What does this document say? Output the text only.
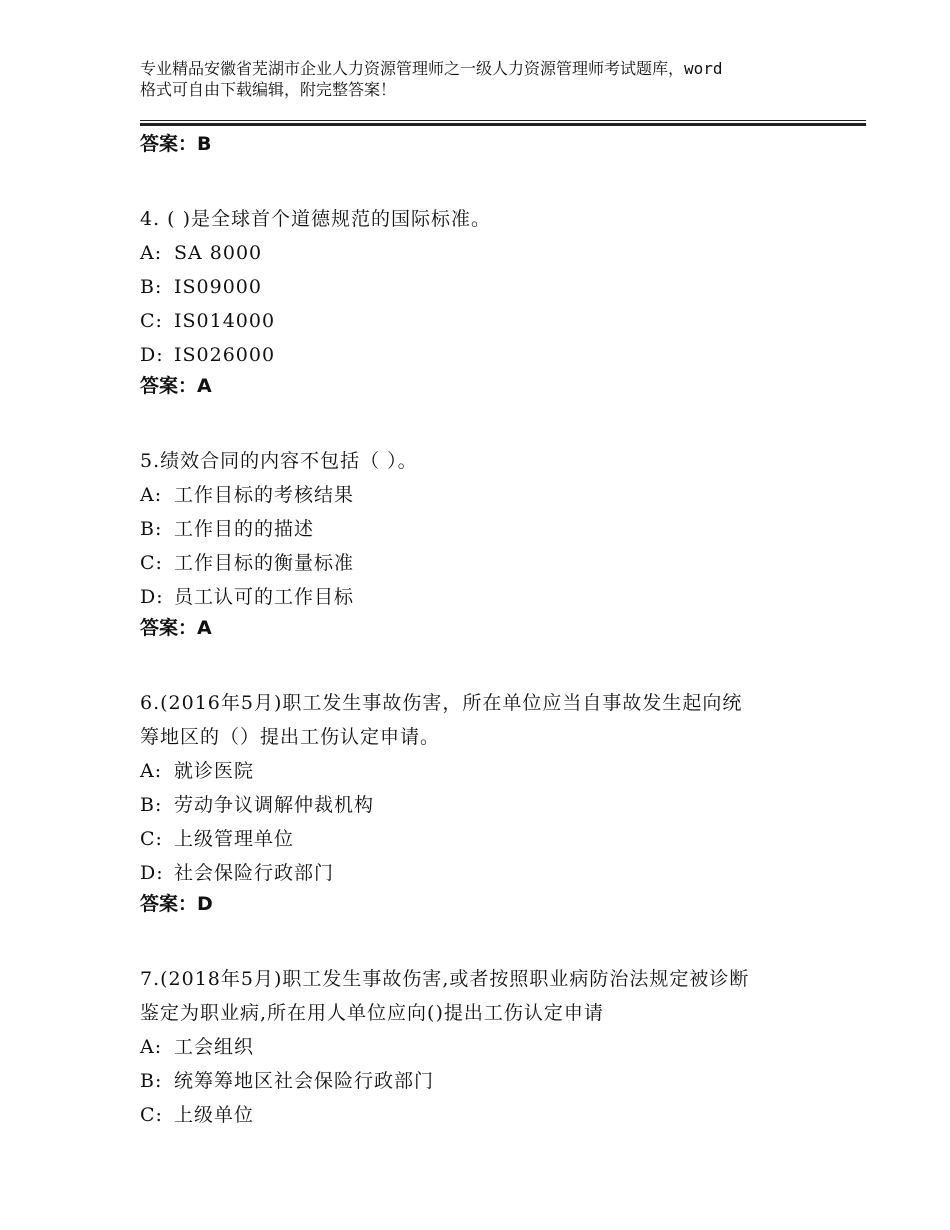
专业精品安徽省芜湖市企业人力资源管理师之一级人力资源管理师考试题库，word
格式可自由下载编辑，附完整答案！
答案：B
4. ( )是全球首个道德规范的国际标准。
A: SA 8000
B: IS09000
C: IS014000
D: IS026000
答案：A
5.绩效合同的内容不包括（ ）。
A: 工作目标的考核结果
B: 工作目的的描述
C: 工作目标的衡量标准
D: 员工认可的工作目标
答案：A
6.(2016年5月)职工发生事故伤害，所在单位应当自事故发生起向统
筹地区的（）提出工伤认定申请。
A: 就诊医院
B: 劳动争议调解仲裁机构
C: 上级管理单位
D: 社会保险行政部门
答案：D
7.(2018年5月)职工发生事故伤害,或者按照职业病防治法规定被诊断
鉴定为职业病,所在用人单位应向()提出工伤认定申请
A: 工会组织
B: 统筹筹地区社会保险行政部门
C: 上级单位
